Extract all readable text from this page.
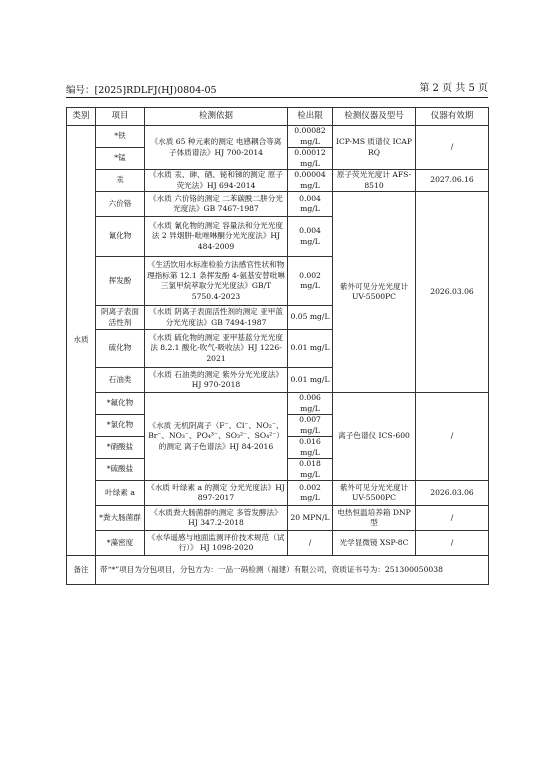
编号：[2025]RDLFJ(HJ)0804-05	第 2 页 共 5 页
类别	项目	检测依据	检出限	检测仪器及型号	仪器有效期	
水质	*铁	《水质 65 种元素的测定 电感耦合等离子体质谱法》HJ 700-2014	0.00082 mg/L	ICP-MS 质谱仪 ICAP RQ	/	
	*锰		0.00012 mg/L			
	汞	《水质 汞、砷、硒、铋和锑的测定 原子荧光法》HJ 694-2014	0.00004 mg/L	原子荧光光度计 AFS-8510	2027.06.16	
	六价铬	《水质 六价铬的测定 二苯碳酰二肼分光光度法》GB 7467-1987	0.004 mg/L	紫外可见分光光度计 UV-5500PC	2026.03.06	
	氰化物	《水质 氰化物的测定 容量法和分光光度法 2 异烟肼-吡唑啉酮分光光度法》HJ 484-2009	0.004 mg/L			
	挥发酚	《生活饮用水标准检验方法感官性状和物理指标第 12.1 条挥发酚 4-氨基安替吡啉三氯甲烷萃取分光光度法》GB/T 5750.4-2023	0.002 mg/L			
	阴离子表面活性剂	《水质 阴离子表面活性剂的测定 亚甲蓝分光光度法》GB 7494-1987	0.05 mg/L			
	硫化物	《水质 硫化物的测定 亚甲基蓝分光光度法 8.2.1 酸化-吹气-吸收法》HJ 1226-2021	0.01 mg/L			
	石油类	《水质 石油类的测定 紫外分光光度法》HJ 970-2018	0.01 mg/L			
	*氟化物	《水质 无机阴离子（F⁻、Cl⁻、NO₂⁻、Br⁻、NO₃⁻、PO₄³⁻、SO₃²⁻、SO₄²⁻）的测定 离子色谱法》HJ 84-2016	0.006 mg/L	离子色谱仪 ICS-600	/	
	*氯化物		0.007 mg/L			
	*硝酸盐		0.016 mg/L			
	*硫酸盐		0.018 mg/L			
	叶绿素 a	《水质 叶绿素 a 的测定 分光光度法》HJ 897-2017	0.002 mg/L	紫外可见分光光度计 UV-5500PC	2026.03.06	
	*粪大肠菌群	《水质粪大肠菌群的测定 多管发酵法》HJ 347.2-2018	20 MPN/L	电热恒温培养箱 DNP 型	/	
	*藻密度	《水华遥感与地面监测评价技术规范（试行）》 HJ 1098-2020	/	光学显微镜 XSP-8C	/	
备注	带“*”项目为分包项目，分包方为：一品一码检测（福建）有限公司，资质证书号为：251300050038					
